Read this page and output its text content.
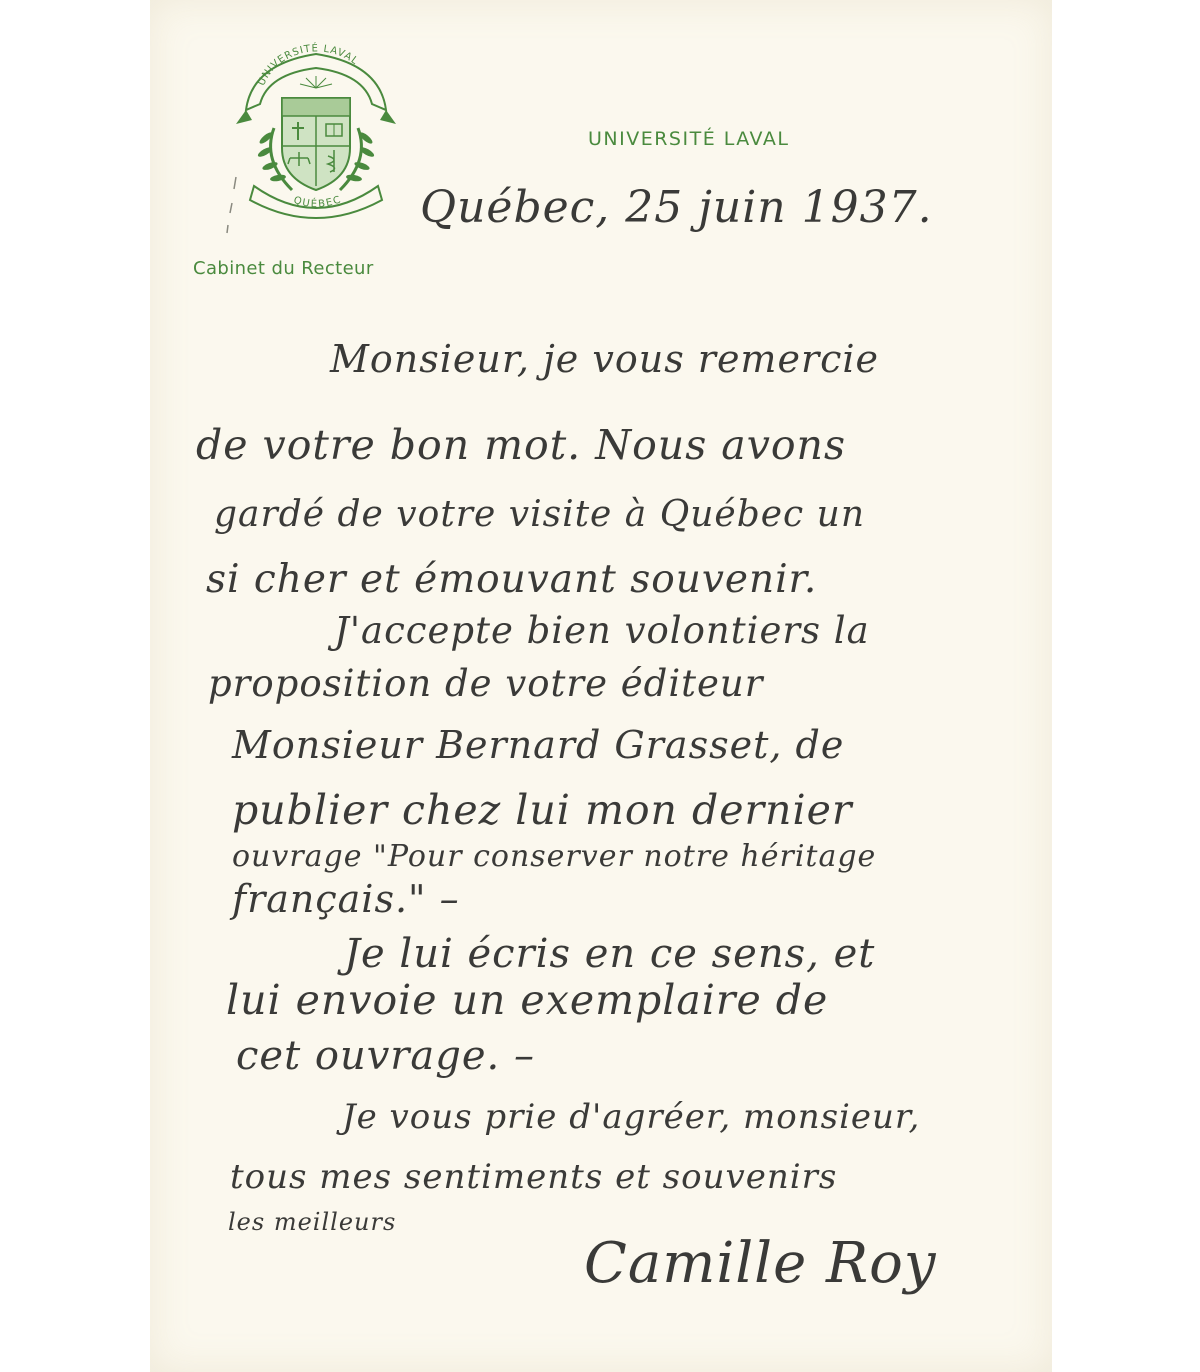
UNIVERSITÉ LAVAL
QUÉBEC
UNIVERSITÉ LAVAL
Cabinet du Recteur
Québec, 25 juin 1937.
Monsieur, je vous remercie
de votre bon mot. Nous avons
gardé de votre visite à Québec un
si cher et émouvant souvenir.
J'accepte bien volontiers la
proposition de votre éditeur
Monsieur Bernard Grasset, de
publier chez lui mon dernier
ouvrage "Pour conserver notre héritage
français." –
Je lui écris en ce sens, et
lui envoie un exemplaire de
cet ouvrage. –
Je vous prie d'agréer, monsieur,
tous mes sentiments et souvenirs
les meilleurs
Camille Roy
